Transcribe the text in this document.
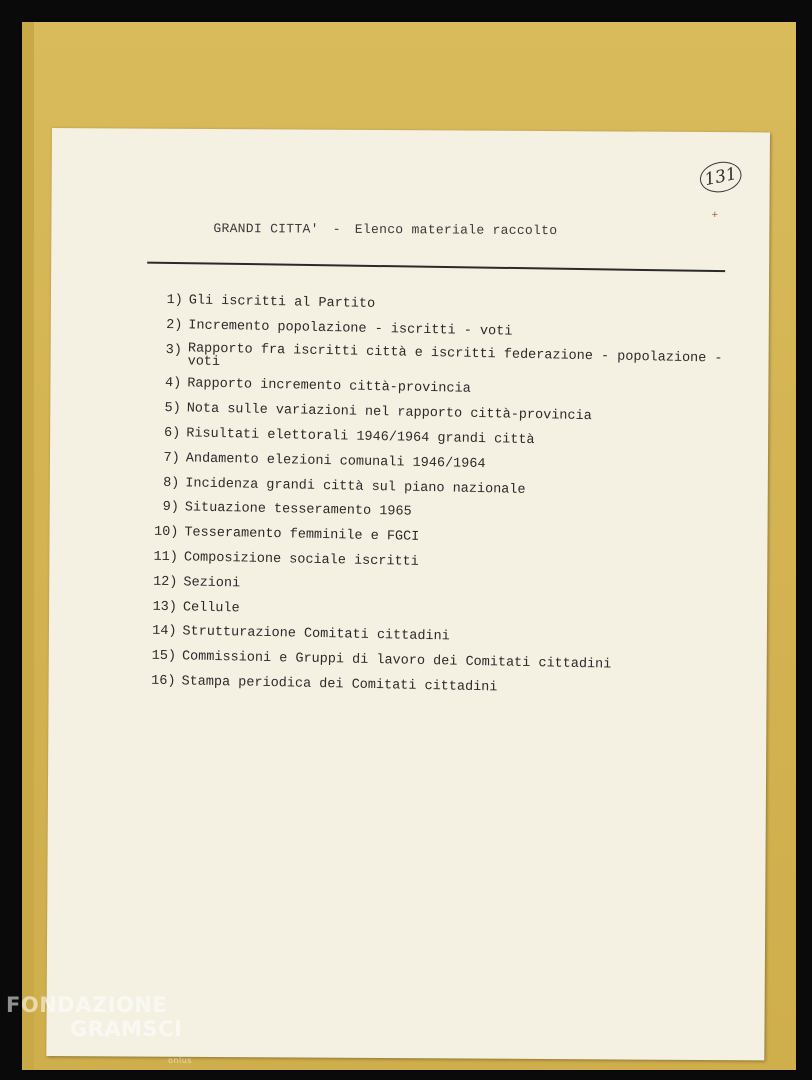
131
+
GRANDI CITTA' - Elenco materiale raccolto
1) Gli iscritti al Partito
2) Incremento popolazione - iscritti - voti
3) Rapporto fra iscritti città e iscritti federazione - popolazione -
voti
4) Rapporto incremento città-provincia
5) Nota sulle variazioni nel rapporto città-provincia
6) Risultati elettorali 1946/1964 grandi città
7) Andamento elezioni comunali 1946/1964
8) Incidenza grandi città sul piano nazionale
9) Situazione tesseramento 1965
10) Tesseramento femminile e FGCI
11) Composizione sociale iscritti
12) Sezioni
13) Cellule
14) Strutturazione Comitati cittadini
15) Commissioni e Gruppi di lavoro dei Comitati cittadini
16) Stampa periodica dei Comitati cittadini
FONDAZIONE
GRAMSCI
onlus
